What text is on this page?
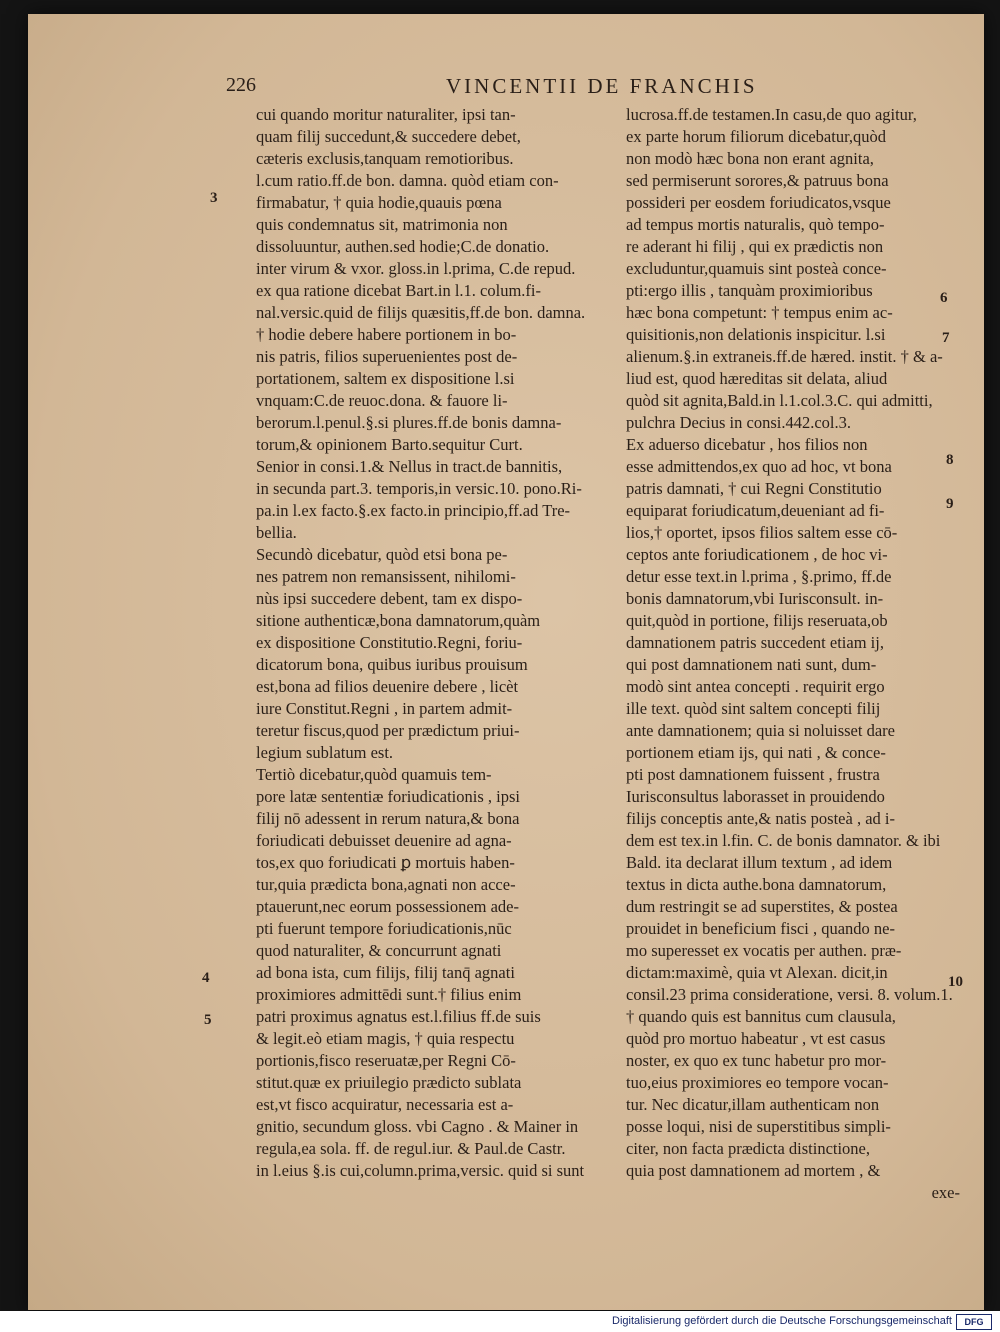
226	VINCENTII DE FRANCHIS
cui quando moritur naturaliter, ipsi tan-
quam filij succedunt,& succedere debet,
cæteris exclusis,tanquam remotioribus.
l.cum ratio.ff.de bon. damna. quòd etiam con-
firmabatur, † quia hodie,quauis pœna
quis condemnatus sit, matrimonia non
dissoluuntur, authen.sed hodie;C.de donatio.
inter virum & vxor. gloss.in l.prima, C.de repud.
ex qua ratione dicebat Bart.in l.1. colum.fi-
nal.versic.quid de filijs quæsitis,ff.de bon. damna.
† hodie debere habere portionem in bo-
nis patris, filios superuenientes post de-
portationem, saltem ex dispositione l.si
vnquam:C.de reuoc.dona. & fauore li-
berorum.l.penul.§.si plures.ff.de bonis damna-
torum,& opinionem Barto.sequitur Curt.
Senior in consi.1.& Nellus in tract.de bannitis,
in secunda part.3. temporis,in versic.10. pono.Ri-
pa.in l.ex facto.§.ex facto.in principio,ff.ad Tre-
bellia.
Secundò dicebatur, quòd etsi bona pe-
nes patrem non remansissent, nihilomi-
nùs ipsi succedere debent, tam ex dispo-
sitione authenticæ,bona damnatorum,quàm
ex dispositione Constitutio.Regni, foriu-
dicatorum bona, quibus iuribus prouisum
est,bona ad filios deuenire debere , licèt
iure Constitut.Regni , in partem admit-
teretur fiscus,quod per prædictum priui-
legium sublatum est.
Tertiò dicebatur,quòd quamuis tem-
pore latæ sententiæ foriudicationis , ipsi
filij nō adessent in rerum natura,& bona
foriudicati debuisset deuenire ad agna-
tos,ex quo foriudicati ꝑ mortuis haben-
tur,quia prædicta bona,agnati non acce-
ptauerunt,nec eorum possessionem ade-
pti fuerunt tempore foriudicationis,nūc
quod naturaliter, & concurrunt agnati
ad bona ista, cum filijs, filij tanq̄ agnati
proximiores admittēdi sunt.† filius enim
patri proximus agnatus est.l.filius ff.de suis
& legit.eò etiam magis, † quia respectu
portionis,fisco reseruatæ,per Regni Cō-
stitut.quæ ex priuilegio prædicto sublata
est,vt fisco acquiratur, necessaria est a-
gnitio, secundum gloss. vbi Cagno . & Mainer in
regula,ea sola. ff. de regul.iur. & Paul.de Castr.
in l.eius §.is cui,column.prima,versic. quid si sunt
lucrosa.ff.de testamen.In casu,de quo agitur,
ex parte horum filiorum dicebatur,quòd
non modò hæc bona non erant agnita,
sed permiserunt sorores,& patruus bona
possideri per eosdem foriudicatos,vsque
ad tempus mortis naturalis, quò tempo-
re aderant hi filij , qui ex prædictis non
excluduntur,quamuis sint posteà conce-
pti:ergo illis , tanquàm proximioribus
hæc bona competunt: † tempus enim ac-
quisitionis,non delationis inspicitur. l.si
alienum.§.in extraneis.ff.de hæred. instit. † & a-
liud est, quod hæreditas sit delata, aliud
quòd sit agnita,Bald.in l.1.col.3.C. qui admitti,
pulchra Decius in consi.442.col.3.
Ex aduerso dicebatur , hos filios non
esse admittendos,ex quo ad hoc, vt bona
patris damnati, † cui Regni Constitutio
equiparat foriudicatum,deueniant ad fi-
lios,† oportet, ipsos filios saltem esse cō-
ceptos ante foriudicationem , de hoc vi-
detur esse text.in l.prima , §.primo, ff.de
bonis damnatorum,vbi Iurisconsult. in-
quit,quòd in portione, filijs reseruata,ob
damnationem patris succedent etiam ij,
qui post damnationem nati sunt, dum-
modò sint antea concepti . requirit ergo
ille text. quòd sint saltem concepti filij
ante damnationem; quia si noluisset dare
portionem etiam ijs, qui nati , & conce-
pti post damnationem fuissent , frustra
Iurisconsultus laborasset in prouidendo
filijs conceptis ante,& natis posteà , ad i-
dem est tex.in l.fin. C. de bonis damnator. & ibi
Bald. ita declarat illum textum , ad idem
textus in dicta authe.bona damnatorum,
dum restringit se ad superstites, & postea
prouidet in beneficium fisci , quando ne-
mo superesset ex vocatis per authen. præ-
dictam:maximè, quia vt Alexan. dicit,in
consil.23 prima consideratione, versi. 8. volum.1.
† quando quis est bannitus cum clausula,
quòd pro mortuo habeatur , vt est casus
noster, ex quo ex tunc habetur pro mor-
tuo,eius proximiores eo tempore vocan-
tur. Nec dicatur,illam authenticam non
posse loqui, nisi de superstitibus simpli-
citer, non facta prædicta distinctione,
quia post damnationem ad mortem , &
exe-
3
4
5
6
7
8
9
10
Digitalisierung gefördert durch die Deutsche Forschungsgemeinschaft	DFG
